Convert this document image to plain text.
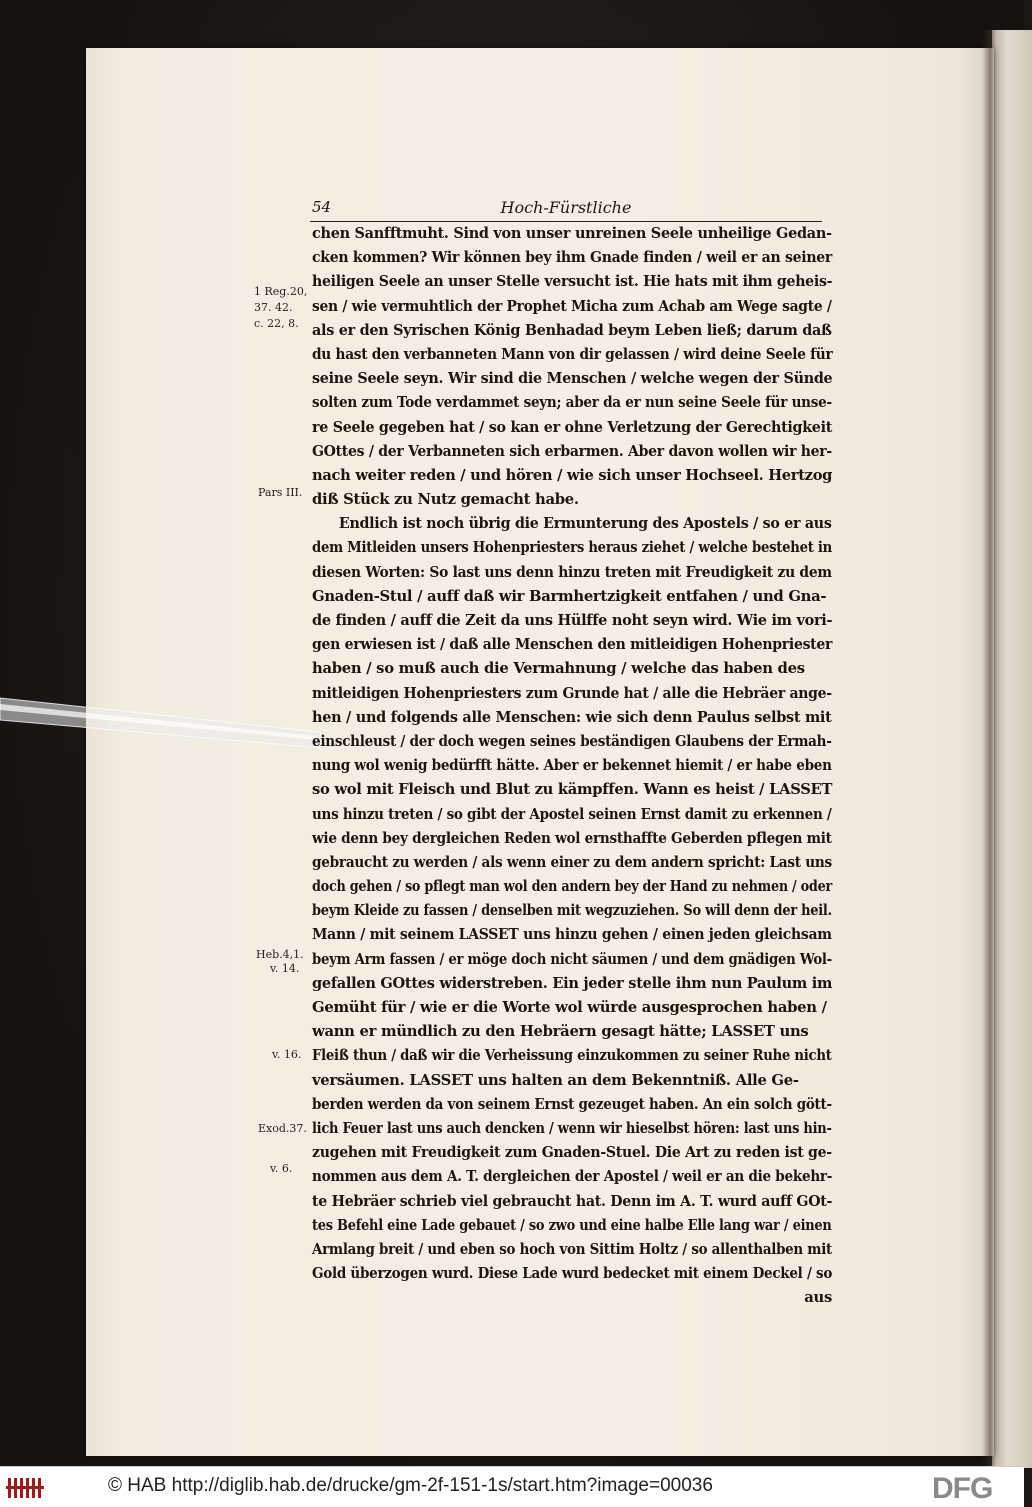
54	Hoch-Fürstliche
chen Sanfftmuht. Sind von unser unreinen Seele unheilige Gedan-
cken kommen? Wir können bey ihm Gnade finden / weil er an seiner
heiligen Seele an unser Stelle versucht ist. Hie hats mit ihm geheis-
sen / wie vermuhtlich der Prophet Micha zum Achab am Wege sagte /
als er den Syrischen König Benhadad beym Leben ließ; darum daß
du hast den verbanneten Mann von dir gelassen / wird deine Seele für
seine Seele seyn. Wir sind die Menschen / welche wegen der Sünde
solten zum Tode verdammet seyn; aber da er nun seine Seele für unse-
re Seele gegeben hat / so kan er ohne Verletzung der Gerechtigkeit
GOttes / der Verbanneten sich erbarmen. Aber davon wollen wir her-
nach weiter reden / und hören / wie sich unser Hochseel. Hertzog
diß Stück zu Nutz gemacht habe.
Endlich ist noch übrig die Ermunterung des Apostels / so er aus
dem Mitleiden unsers Hohenpriesters heraus ziehet / welche bestehet in
diesen Worten: So last uns denn hinzu treten mit Freudigkeit zu dem
Gnaden-Stul / auff daß wir Barmhertzigkeit entfahen / und Gna-
de finden / auff die Zeit da uns Hülffe noht seyn wird. Wie im vori-
gen erwiesen ist / daß alle Menschen den mitleidigen Hohenpriester
haben / so muß auch die Vermahnung / welche das haben des
mitleidigen Hohenpriesters zum Grunde hat / alle die Hebräer ange-
hen / und folgends alle Menschen: wie sich denn Paulus selbst mit
einschleust / der doch wegen seines beständigen Glaubens der Ermah-
nung wol wenig bedürfft hätte. Aber er bekennet hiemit / er habe eben
so wol mit Fleisch und Blut zu kämpffen. Wann es heist / LASSET
uns hinzu treten / so gibt der Apostel seinen Ernst damit zu erkennen /
wie denn bey dergleichen Reden wol ernsthaffte Geberden pflegen mit
gebraucht zu werden / als wenn einer zu dem andern spricht: Last uns
doch gehen / so pflegt man wol den andern bey der Hand zu nehmen / oder
beym Kleide zu fassen / denselben mit wegzuziehen. So will denn der heil.
Mann / mit seinem LASSET uns hinzu gehen / einen jeden gleichsam
beym Arm fassen / er möge doch nicht säumen / und dem gnädigen Wol-
gefallen GOttes widerstreben. Ein jeder stelle ihm nun Paulum im
Gemüht für / wie er die Worte wol würde ausgesprochen haben /
wann er mündlich zu den Hebräern gesagt hätte; LASSET uns
Fleiß thun / daß wir die Verheissung einzukommen zu seiner Ruhe nicht
versäumen. LASSET uns halten an dem Bekenntniß. Alle Ge-
berden werden da von seinem Ernst gezeuget haben. An ein solch gött-
lich Feuer last uns auch dencken / wenn wir hieselbst hören: last uns hin-
zugehen mit Freudigkeit zum Gnaden-Stuel. Die Art zu reden ist ge-
nommen aus dem A. T. dergleichen der Apostel / weil er an die bekehr-
te Hebräer schrieb viel gebraucht hat. Denn im A. T. wurd auff GOt-
tes Befehl eine Lade gebauet / so zwo und eine halbe Elle lang war / einen
Armlang breit / und eben so hoch von Sittim Holtz / so allenthalben mit
Gold überzogen wurd. Diese Lade wurd bedecket mit einem Deckel / so
aus
1 Reg.20,
37. 42.
c. 22, 8.
Pars III.
Heb.4,1.
v. 14.
v. 16.
Exod.37.
v. 6.
© HAB http://diglib.hab.de/drucke/gm-2f-151-1s/start.htm?image=00036	DFG
